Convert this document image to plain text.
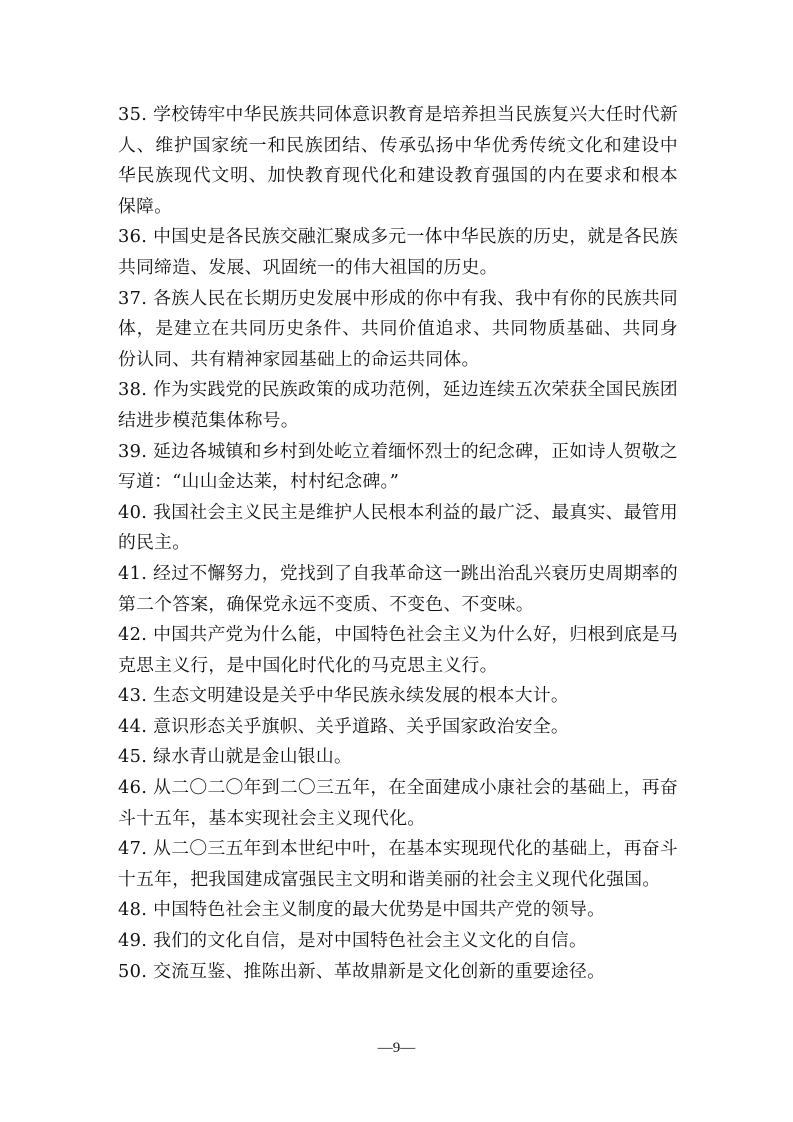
35. 学校铸牢中华民族共同体意识教育是培养担当民族复兴大任时代新人、维护国家统一和民族团结、传承弘扬中华优秀传统文化和建设中华民族现代文明、加快教育现代化和建设教育强国的内在要求和根本保障。

36. 中国史是各民族交融汇聚成多元一体中华民族的历史，就是各民族共同缔造、发展、巩固统一的伟大祖国的历史。

37. 各族人民在长期历史发展中形成的你中有我、我中有你的民族共同体，是建立在共同历史条件、共同价值追求、共同物质基础、共同身份认同、共有精神家园基础上的命运共同体。

38. 作为实践党的民族政策的成功范例，延边连续五次荣获全国民族团结进步模范集体称号。

39. 延边各城镇和乡村到处屹立着缅怀烈士的纪念碑，正如诗人贺敬之写道：“山山金达莱，村村纪念碑。”

40. 我国社会主义民主是维护人民根本利益的最广泛、最真实、最管用的民主。

41. 经过不懈努力，党找到了自我革命这一跳出治乱兴衰历史周期率的第二个答案，确保党永远不变质、不变色、不变味。

42. 中国共产党为什么能，中国特色社会主义为什么好，归根到底是马克思主义行，是中国化时代化的马克思主义行。

43. 生态文明建设是关乎中华民族永续发展的根本大计。

44. 意识形态关乎旗帜、关乎道路、关乎国家政治安全。

45. 绿水青山就是金山银山。

46. 从二〇二〇年到二〇三五年，在全面建成小康社会的基础上，再奋斗十五年，基本实现社会主义现代化。

47. 从二〇三五年到本世纪中叶，在基本实现现代化的基础上，再奋斗十五年，把我国建成富强民主文明和谐美丽的社会主义现代化强国。

48. 中国特色社会主义制度的最大优势是中国共产党的领导。

49. 我们的文化自信，是对中国特色社会主义文化的自信。

50. 交流互鉴、推陈出新、革故鼎新是文化创新的重要途径。

—9—
